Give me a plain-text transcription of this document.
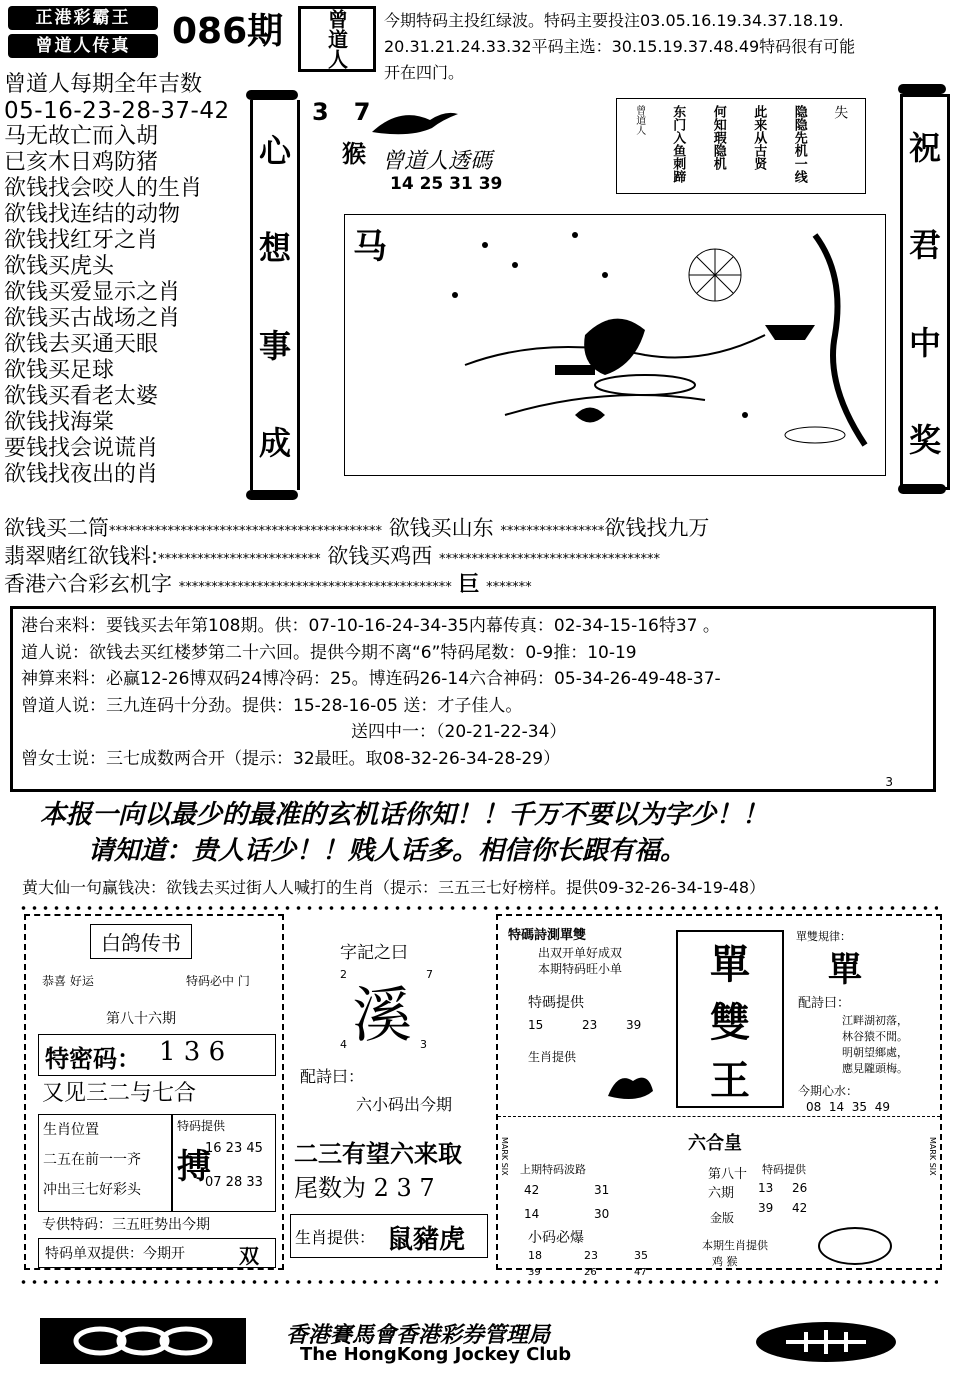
正港彩霸王
曾道人传真	086期 曾道人 今期特码主投红绿波。特码主要投注03.05.16.19.34.37.18.19.
20.31.21.24.33.32平码主选：30.15.19.37.48.49特码很有可能
开在四门。
曾道人每期全年吉数
05-16-23-28-37-42
马无故亡而入胡
已亥木日鸡防猪
欲钱找会咬人的生肖
欲钱找连结的动物
欲钱找红牙之肖
欲钱买虎头
欲钱买爱显示之肖
欲钱买古战场之肖
欲钱去买通天眼
欲钱买足球
欲钱买看老太婆
欲钱找海棠
要钱找会说谎肖
欲钱找夜出的肖
心
想
事
成
祝
君
中
奖
3   7
猴 曾道人透碼
14 25 31 39
失
隐隐先机一线
此来从古贤
何知瑕隐机
东门入鱼刺蹄
曾道人
马
欲钱买二筒****************************************** 欲钱买山东 ****************欲钱找九万
翡翠赌红欲钱料:************************* 欲钱买鸡西 **********************************
香港六合彩玄机字 ****************************************** 巨 *******
港台来料：要钱买去年第108期。供：07-10-16-24-34-35内幕传真：02-34-15-16特37 。
道人说：欲钱去买红楼梦第二十六回。提供今期不离“6”特码尾数：0-9推：10-19
神算来料：必赢12-26博双码24博冷码：25。博连码26-14六合神码：05-34-26-49-48-37-
曾道人说：三九连码十分劲。提供：15-28-16-05 送：才子佳人。
送四中一：（20-21-22-34）
曾女士说：三七成数两合开（提示：32最旺。取08-32-26-34-28-29）
3
本报一向以最少的最准的玄机话你知！！千万不要以为字少！！
请知道：贵人话少！！贱人话多。相信你长跟有福。
黄大仙一句赢钱决：欲钱去买过街人人喊打的生肖（提示：三五三七好榜样。提供09-32-26-34-19-48）
白鸽传书
恭喜 好运	特码必中 门
第八十六期
特密码： 1 3 6
又见三二与七合
生肖位置
二五在前一一齐
冲出三七好彩头
特码提供
搏
16 23 45
07 28 33
专供特码：三五旺势出今期
特码单双提供：今期开	双
字記之曰
2	7
溪
4	3
配詩曰：
六小码出今期
二三有望六来取
尾数为 2 3 7
生肖提供： 鼠豬虎
特碼詩測單雙
出双开单好成双
本期特码旺小单
特碼提供
15	23 39
生肖提供
單
雙
王
單雙規律：
單
配詩曰：
江畔湖初落，
林谷猿不閒。
明朝望鄉處，
應見隴頭梅。
今期心水：
08  14  35  49
MARK SIX	MARK SIX
六合皇
上期特码波路
42	31
14	30
第八十六期
金版
特码提供
13 26
39 42
小码必爆
18	23	35
39	26	47
本期生肖提供
鸡 猴
香港賽馬會香港彩券管理局
The HongKong Jockey Club
